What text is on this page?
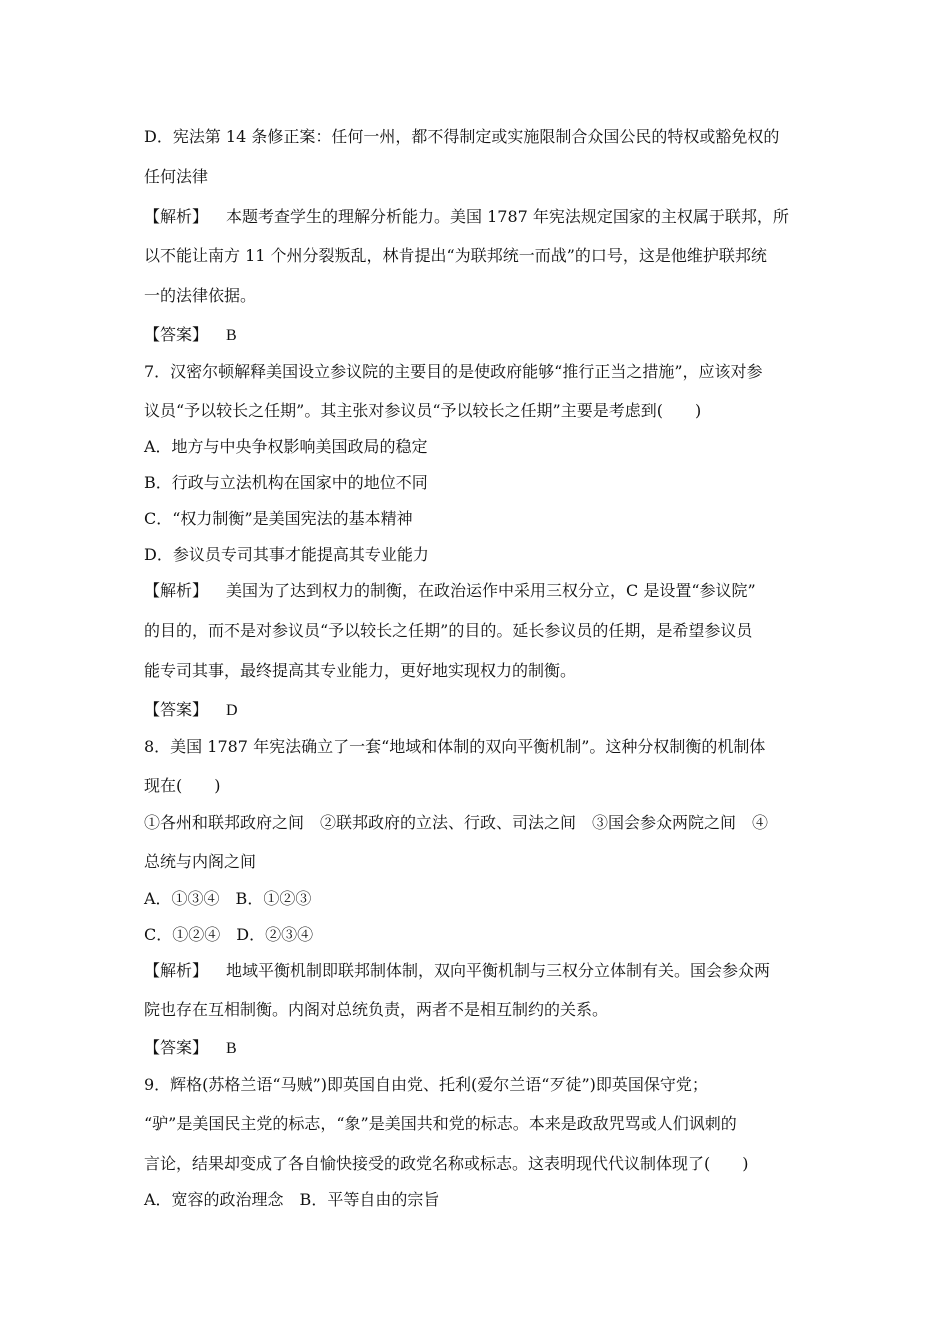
D．宪法第 14 条修正案：任何一州，都不得制定或实施限制合众国公民的特权或豁免权的
任何法律
【解析】 本题考查学生的理解分析能力。美国 1787 年宪法规定国家的主权属于联邦，所
以不能让南方 11 个州分裂叛乱，林肯提出“为联邦统一而战”的口号，这是他维护联邦统
一的法律依据。
【答案】 B
7．汉密尔顿解释美国设立参议院的主要目的是使政府能够“推行正当之措施”，应该对参
议员“予以较长之任期”。其主张对参议员“予以较长之任期”主要是考虑到(　　)
A．地方与中央争权影响美国政局的稳定
B．行政与立法机构在国家中的地位不同
C．“权力制衡”是美国宪法的基本精神
D．参议员专司其事才能提高其专业能力
【解析】 美国为了达到权力的制衡，在政治运作中采用三权分立，C 是设置“参议院”
的目的，而不是对参议员“予以较长之任期”的目的。延长参议员的任期，是希望参议员
能专司其事，最终提高其专业能力，更好地实现权力的制衡。
【答案】 D
8．美国 1787 年宪法确立了一套“地域和体制的双向平衡机制”。这种分权制衡的机制体
现在(　　)
①各州和联邦政府之间　②联邦政府的立法、行政、司法之间　③国会参众两院之间　④
总统与内阁之间
A．①③④　B．①②③
C．①②④　D．②③④
【解析】 地域平衡机制即联邦制体制，双向平衡机制与三权分立体制有关。国会参众两
院也存在互相制衡。内阁对总统负责，两者不是相互制约的关系。
【答案】 B
9．辉格(苏格兰语“马贼”)即英国自由党、托利(爱尔兰语“歹徒”)即英国保守党；
“驴”是美国民主党的标志，“象”是美国共和党的标志。本来是政敌咒骂或人们讽刺的
言论，结果却变成了各自愉快接受的政党名称或标志。这表明现代代议制体现了(　　)
A．宽容的政治理念　B．平等自由的宗旨
